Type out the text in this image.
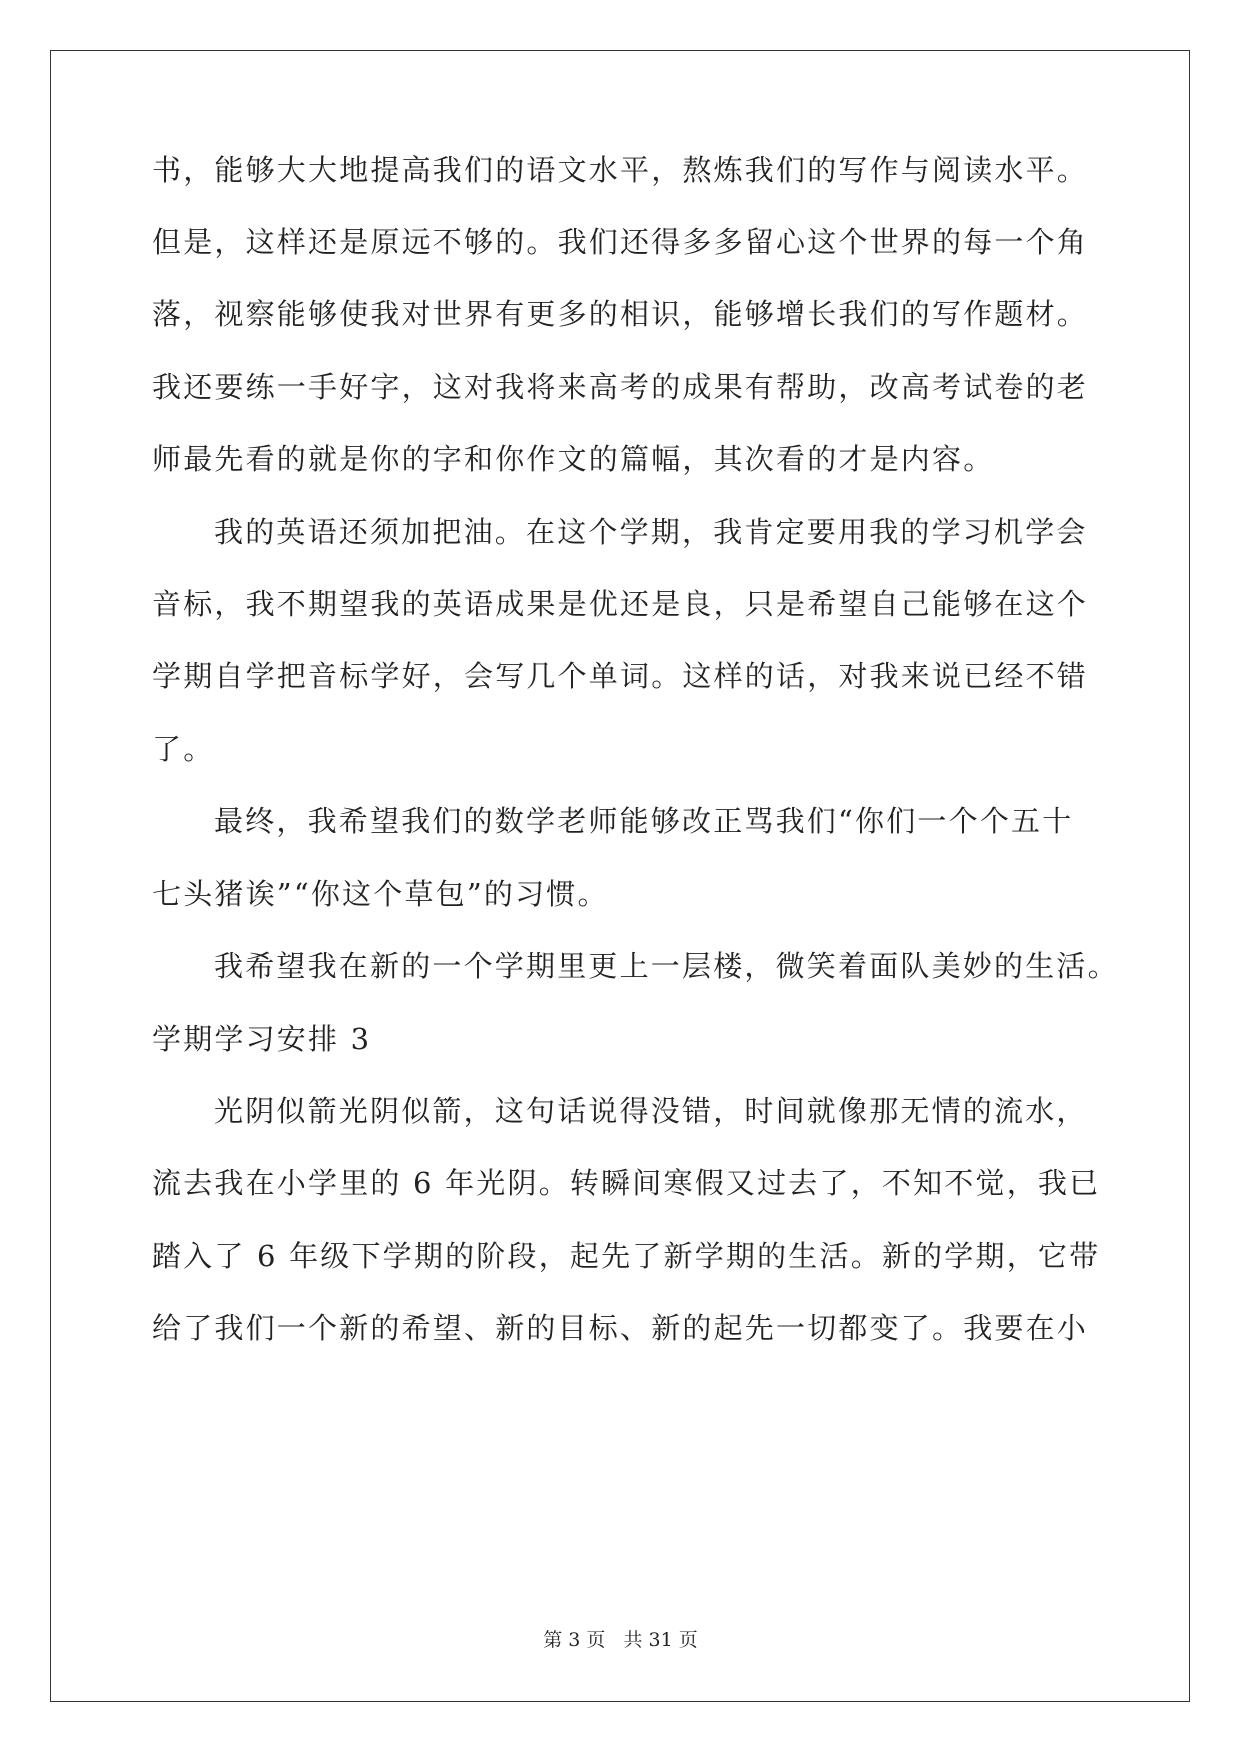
书，能够大大地提高我们的语文水平，熬炼我们的写作与阅读水平。
但是，这样还是原远不够的。我们还得多多留心这个世界的每一个角
落，视察能够使我对世界有更多的相识，能够增长我们的写作题材。
我还要练一手好字，这对我将来高考的成果有帮助，改高考试卷的老
师最先看的就是你的字和你作文的篇幅，其次看的才是内容。
我的英语还须加把油。在这个学期，我肯定要用我的学习机学会
音标，我不期望我的英语成果是优还是良，只是希望自己能够在这个
学期自学把音标学好，会写几个单词。这样的话，对我来说已经不错
了。
最终，我希望我们的数学老师能够改正骂我们“你们一个个五十
七头猪诶”“你这个草包”的习惯。
我希望我在新的一个学期里更上一层楼，微笑着面队美妙的生活。
学期学习安排 3
光阴似箭光阴似箭，这句话说得没错，时间就像那无情的流水，
流去我在小学里的 6 年光阴。转瞬间寒假又过去了，不知不觉，我已
踏入了 6 年级下学期的阶段，起先了新学期的生活。新的学期，它带
给了我们一个新的希望、新的目标、新的起先一切都变了。我要在小
第 3 页 共 31 页
